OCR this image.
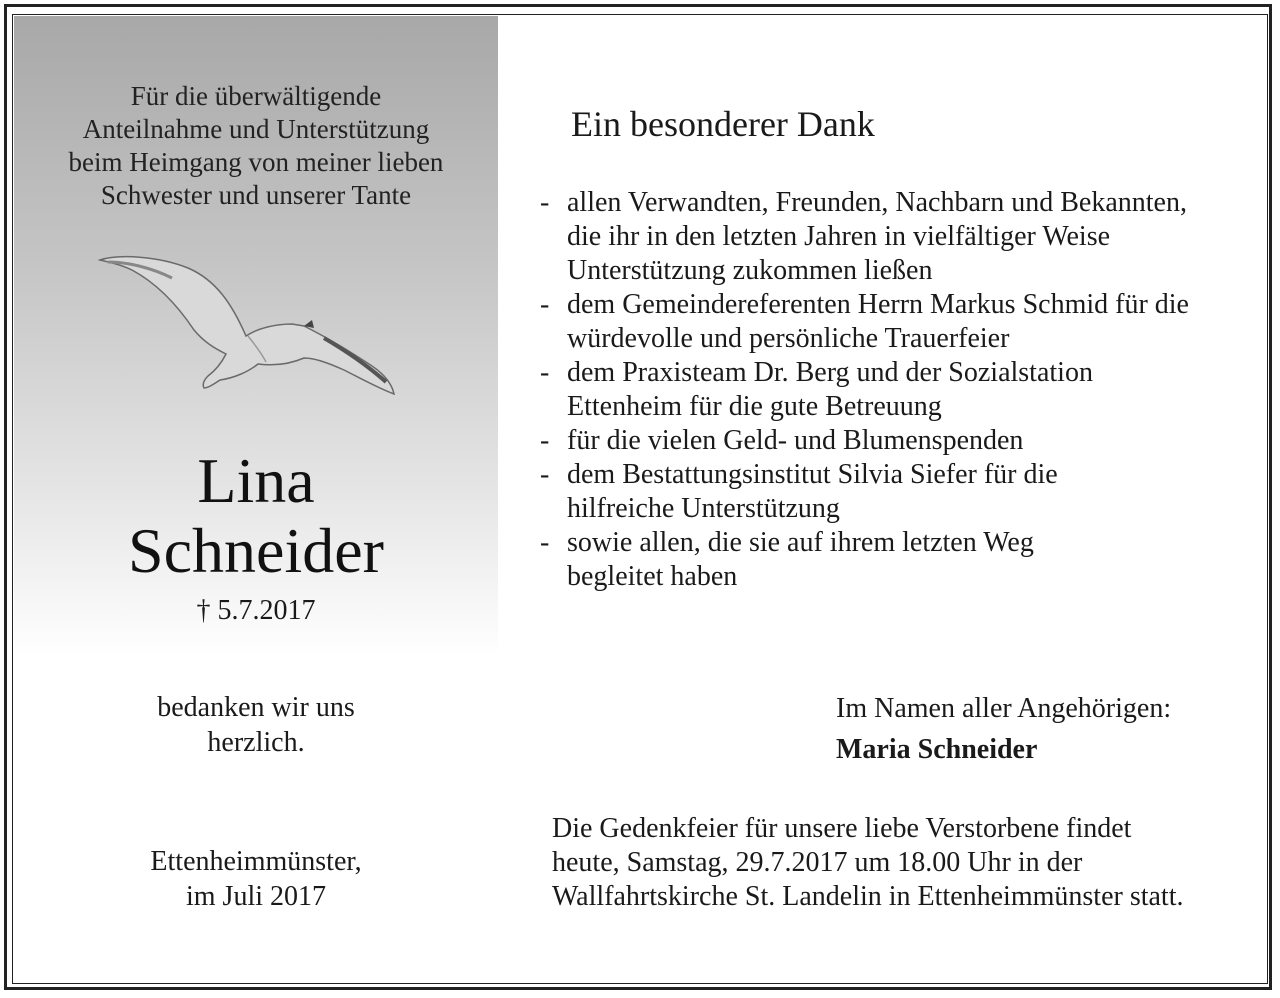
Für die überwältigende
Anteilnahme und Unterstützung
beim Heimgang von meiner lieben
Schwester und unserer Tante
Lina
Schneider
† 5.7.2017
bedanken wir uns
herzlich.
Ettenheimmünster,
im Juli 2017
Ein besonderer Dank
- allen Verwandten, Freunden, Nachbarn und Bekannten,
die ihr in den letzten Jahren in vielfältiger Weise
Unterstützung zukommen ließen
- dem Gemeindereferenten Herrn Markus Schmid für die
würdevolle und persönliche Trauerfeier
- dem Praxisteam Dr. Berg und der Sozialstation
Ettenheim für die gute Betreuung
- für die vielen Geld- und Blumenspenden
- dem Bestattungsinstitut Silvia Siefer für die
hilfreiche Unterstützung
- sowie allen, die sie auf ihrem letzten Weg
begleitet haben
Im Namen aller Angehörigen:
Maria Schneider
Die Gedenkfeier für unsere liebe Verstorbene findet
heute, Samstag, 29.7.2017 um 18.00 Uhr in der
Wallfahrtskirche St. Landelin in Ettenheimmünster statt.
